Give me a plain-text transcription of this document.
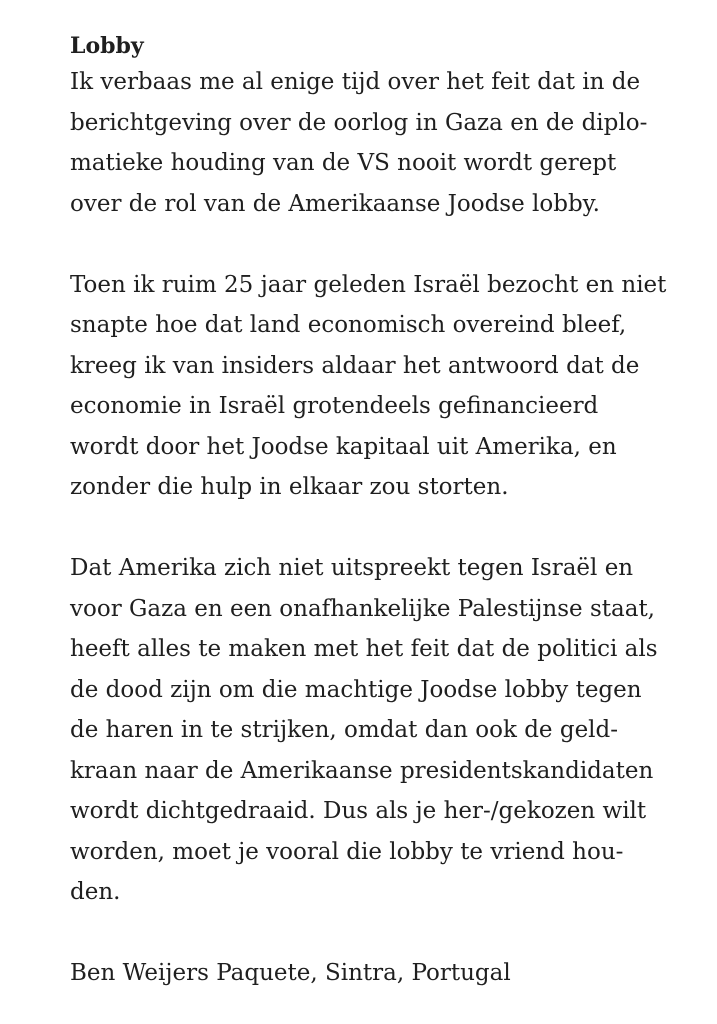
Lobby

Ik verbaas me al enige tijd over het feit dat in de
berichtgeving over de oorlog in Gaza en de diplo-
matieke houding van de VS nooit wordt gerept
over de rol van de Amerikaanse Joodse lobby.

Toen ik ruim 25 jaar geleden Israël bezocht en niet
snapte hoe dat land economisch overeind bleef,
kreeg ik van insiders aldaar het antwoord dat de
economie in Israël grotendeels gefinancieerd
wordt door het Joodse kapitaal uit Amerika, en
zonder die hulp in elkaar zou storten.

Dat Amerika zich niet uitspreekt tegen Israël en
voor Gaza en een onafhankelijke Palestijnse staat,
heeft alles te maken met het feit dat de politici als
de dood zijn om die machtige Joodse lobby tegen
de haren in te strijken, omdat dan ook de geld-
kraan naar de Amerikaanse presidentskandidaten
wordt dichtgedraaid. Dus als je her-/gekozen wilt
worden, moet je vooral die lobby te vriend hou-
den.

Ben Weijers Paquete, Sintra, Portugal
